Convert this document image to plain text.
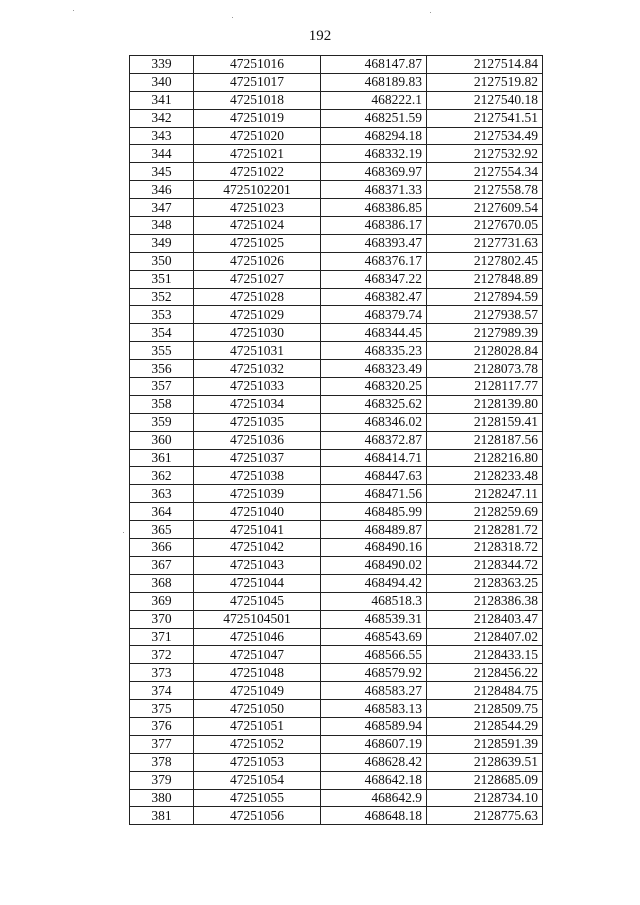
192
339	47251016	468147.87	2127514.84
340	47251017	468189.83	2127519.82
341	47251018	468222.1	2127540.18
342	47251019	468251.59	2127541.51
343	47251020	468294.18	2127534.49
344	47251021	468332.19	2127532.92
345	47251022	468369.97	2127554.34
346	4725102201	468371.33	2127558.78
347	47251023	468386.85	2127609.54
348	47251024	468386.17	2127670.05
349	47251025	468393.47	2127731.63
350	47251026	468376.17	2127802.45
351	47251027	468347.22	2127848.89
352	47251028	468382.47	2127894.59
353	47251029	468379.74	2127938.57
354	47251030	468344.45	2127989.39
355	47251031	468335.23	2128028.84
356	47251032	468323.49	2128073.78
357	47251033	468320.25	2128117.77
358	47251034	468325.62	2128139.80
359	47251035	468346.02	2128159.41
360	47251036	468372.87	2128187.56
361	47251037	468414.71	2128216.80
362	47251038	468447.63	2128233.48
363	47251039	468471.56	2128247.11
364	47251040	468485.99	2128259.69
365	47251041	468489.87	2128281.72
366	47251042	468490.16	2128318.72
367	47251043	468490.02	2128344.72
368	47251044	468494.42	2128363.25
369	47251045	468518.3	2128386.38
370	4725104501	468539.31	2128403.47
371	47251046	468543.69	2128407.02
372	47251047	468566.55	2128433.15
373	47251048	468579.92	2128456.22
374	47251049	468583.27	2128484.75
375	47251050	468583.13	2128509.75
376	47251051	468589.94	2128544.29
377	47251052	468607.19	2128591.39
378	47251053	468628.42	2128639.51
379	47251054	468642.18	2128685.09
380	47251055	468642.9	2128734.10
381	47251056	468648.18	2128775.63
